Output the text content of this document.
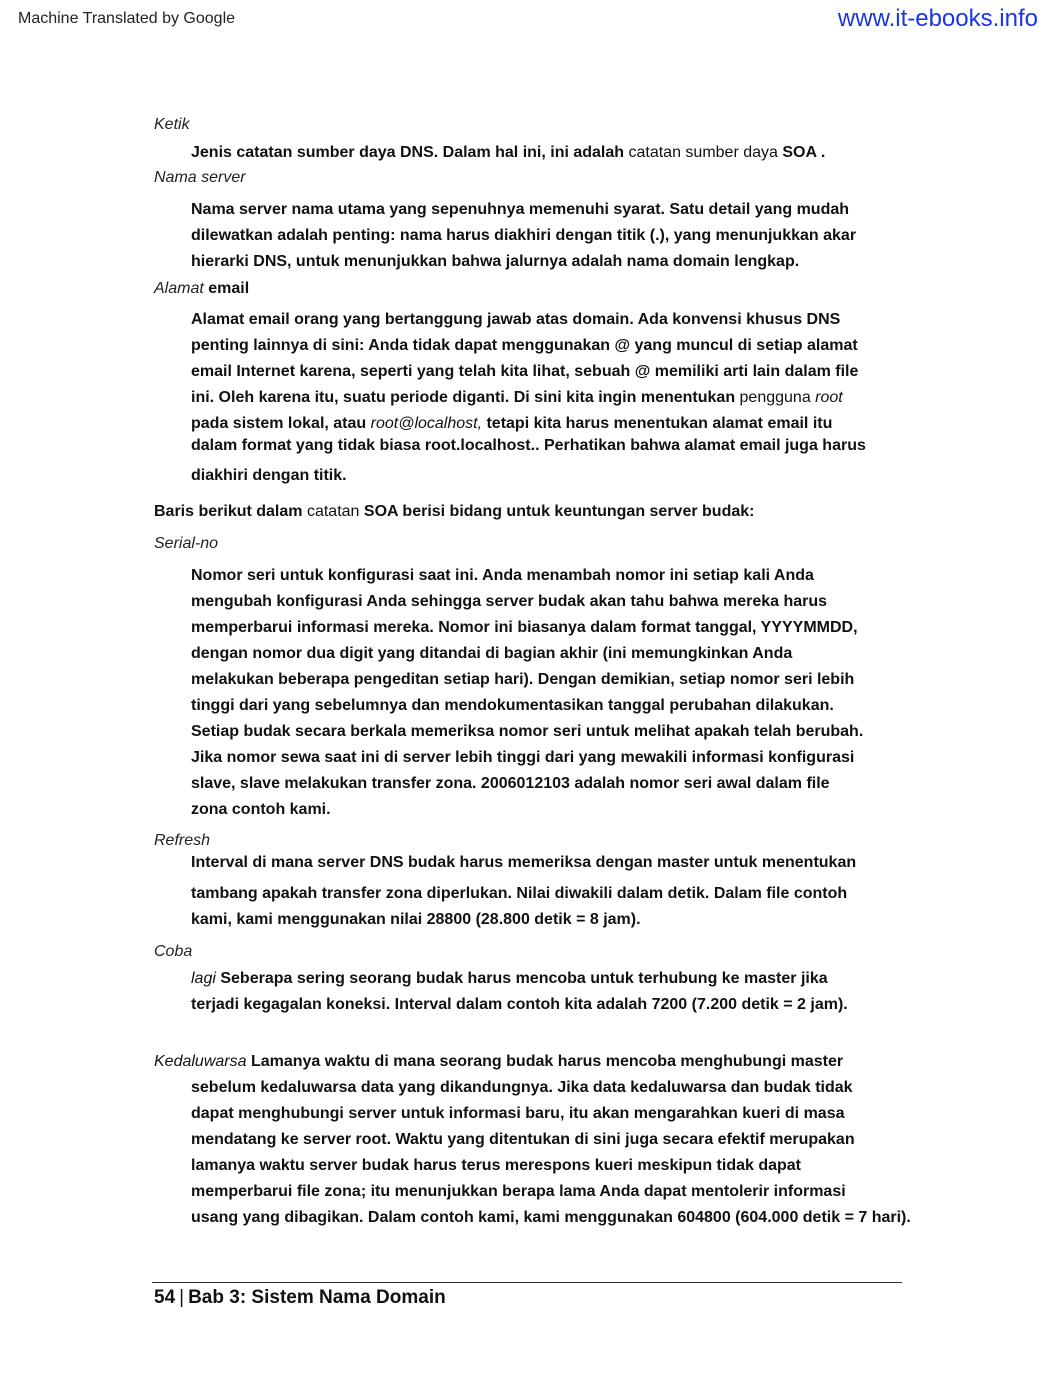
Machine Translated by Google	www.it-ebooks.info
Ketik
Jenis catatan sumber daya DNS. Dalam hal ini, ini adalah catatan sumber daya SOA .
Nama server
Nama server nama utama yang sepenuhnya memenuhi syarat. Satu detail yang mudah
dilewatkan adalah penting: nama harus diakhiri dengan titik (.), yang menunjukkan akar
hierarki DNS, untuk menunjukkan bahwa jalurnya adalah nama domain lengkap.
Alamat email
Alamat email orang yang bertanggung jawab atas domain. Ada konvensi khusus DNS
penting lainnya di sini: Anda tidak dapat menggunakan @ yang muncul di setiap alamat
email Internet karena, seperti yang telah kita lihat, sebuah @ memiliki arti lain dalam file
ini. Oleh karena itu, suatu periode diganti. Di sini kita ingin menentukan pengguna root
pada sistem lokal, atau root@localhost, tetapi kita harus menentukan alamat email itu
dalam format yang tidak biasa root.localhost.. Perhatikan bahwa alamat email juga harus
diakhiri dengan titik.
Baris berikut dalam catatan SOA berisi bidang untuk keuntungan server budak:
Serial-no
Nomor seri untuk konfigurasi saat ini. Anda menambah nomor ini setiap kali Anda
mengubah konfigurasi Anda sehingga server budak akan tahu bahwa mereka harus
memperbarui informasi mereka. Nomor ini biasanya dalam format tanggal, YYYYMMDD,
dengan nomor dua digit yang ditandai di bagian akhir (ini memungkinkan Anda
melakukan beberapa pengeditan setiap hari). Dengan demikian, setiap nomor seri lebih
tinggi dari yang sebelumnya dan mendokumentasikan tanggal perubahan dilakukan.
Setiap budak secara berkala memeriksa nomor seri untuk melihat apakah telah berubah.
Jika nomor sewa saat ini di server lebih tinggi dari yang mewakili informasi konfigurasi
slave, slave melakukan transfer zona. 2006012103 adalah nomor seri awal dalam file
zona contoh kami.
Refresh
Interval di mana server DNS budak harus memeriksa dengan master untuk menentukan
tambang apakah transfer zona diperlukan. Nilai diwakili dalam detik. Dalam file contoh
kami, kami menggunakan nilai 28800 (28.800 detik = 8 jam).
Coba
lagi Seberapa sering seorang budak harus mencoba untuk terhubung ke master jika
terjadi kegagalan koneksi. Interval dalam contoh kita adalah 7200 (7.200 detik = 2 jam).
Kedaluwarsa Lamanya waktu di mana seorang budak harus mencoba menghubungi master
sebelum kedaluwarsa data yang dikandungnya. Jika data kedaluwarsa dan budak tidak
dapat menghubungi server untuk informasi baru, itu akan mengarahkan kueri di masa
mendatang ke server root. Waktu yang ditentukan di sini juga secara efektif merupakan
lamanya waktu server budak harus terus merespons kueri meskipun tidak dapat
memperbarui file zona; itu menunjukkan berapa lama Anda dapat mentolerir informasi
usang yang dibagikan. Dalam contoh kami, kami menggunakan 604800 (604.000 detik = 7 hari).
54 | Bab 3: Sistem Nama Domain
